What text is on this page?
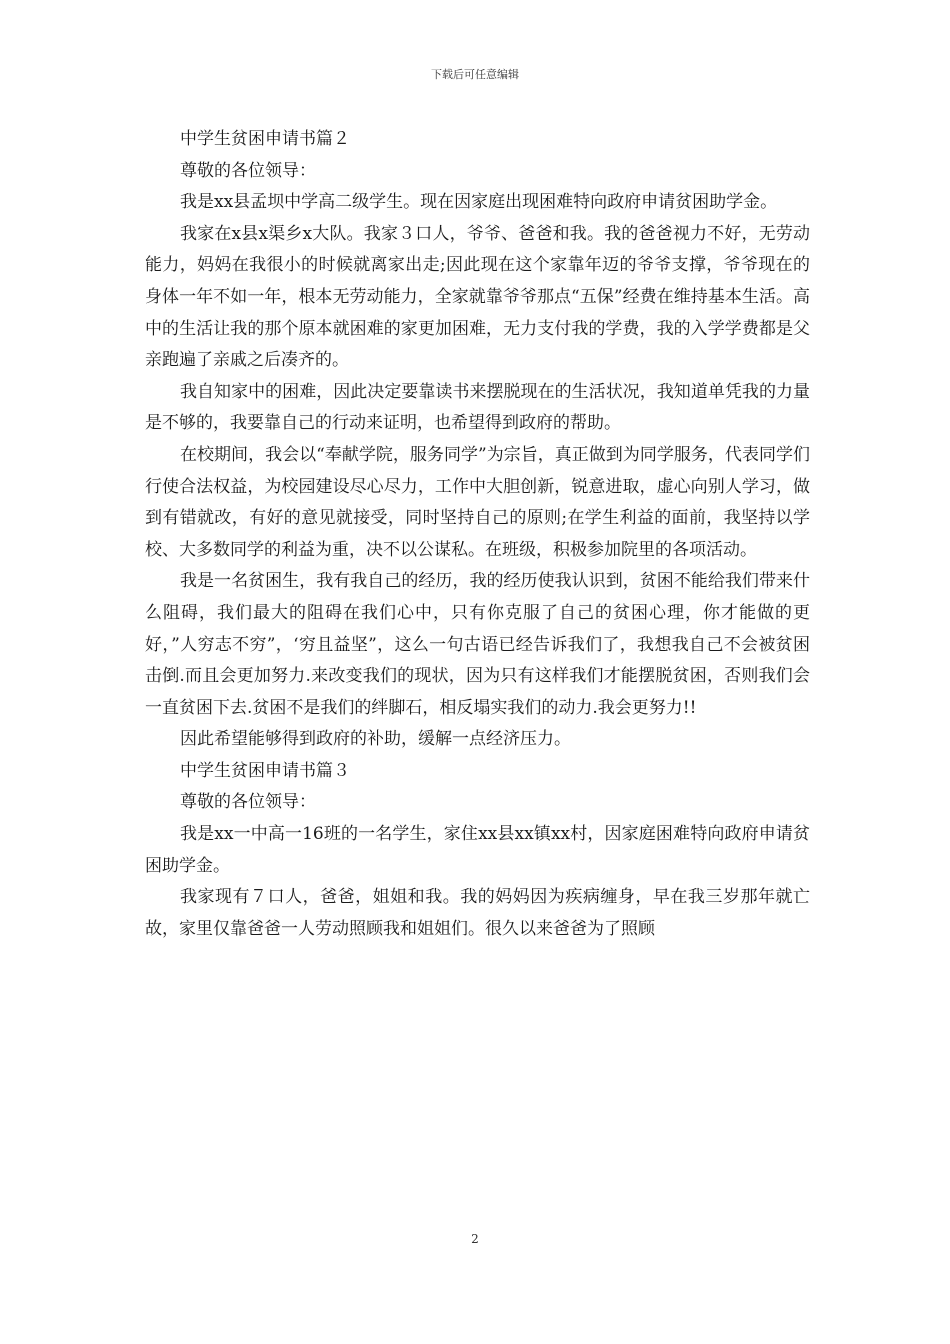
下载后可任意编辑

中学生贫困申请书篇２

尊敬的各位领导：

我是xx县孟坝中学高二级学生。现在因家庭出现困难特向政府申请贫困助学金。

我家在x县x渠乡x大队。我家３口人，爷爷、爸爸和我。我的爸爸视力不好，无劳动能力，妈妈在我很小的时候就离家出走;因此现在这个家靠年迈的爷爷支撑，爷爷现在的身体一年不如一年，根本无劳动能力，全家就靠爷爷那点“五保”经费在维持基本生活。高中的生活让我的那个原本就困难的家更加困难，无力支付我的学费，我的入学学费都是父亲跑遍了亲戚之后凑齐的。

我自知家中的困难，因此决定要靠读书来摆脱现在的生活状况，我知道单凭我的力量是不够的，我要靠自己的行动来证明，也希望得到政府的帮助。

在校期间，我会以“奉献学院，服务同学”为宗旨，真正做到为同学服务，代表同学们行使合法权益，为校园建设尽心尽力，工作中大胆创新，锐意进取，虚心向别人学习，做到有错就改，有好的意见就接受，同时坚持自己的原则;在学生利益的面前，我坚持以学校、大多数同学的利益为重，决不以公谋私。在班级，积极参加院里的各项活动。

我是一名贫困生，我有我自己的经历，我的经历使我认识到，贫困不能给我们带来什么阻碍，我们最大的阻碍在我们心中，只有你克服了自己的贫困心理，你才能做的更好，”人穷志不穷”，‘穷且益坚”，这么一句古语已经告诉我们了，我想我自己不会被贫困击倒.而且会更加努力.来改变我们的现状，因为只有这样我们才能摆脱贫困，否则我们会一直贫困下去.贫困不是我们的绊脚石，相反塌实我们的动力.我会更努力!!

因此希望能够得到政府的补助，缓解一点经济压力。

中学生贫困申请书篇３

尊敬的各位领导：

我是xx一中高一16班的一名学生，家住xx县xx镇xx村，因家庭困难特向政府申请贫困助学金。

我家现有７口人，爸爸，姐姐和我。我的妈妈因为疾病缠身，早在我三岁那年就亡故，家里仅靠爸爸一人劳动照顾我和姐姐们。很久以来爸爸为了照顾

2
